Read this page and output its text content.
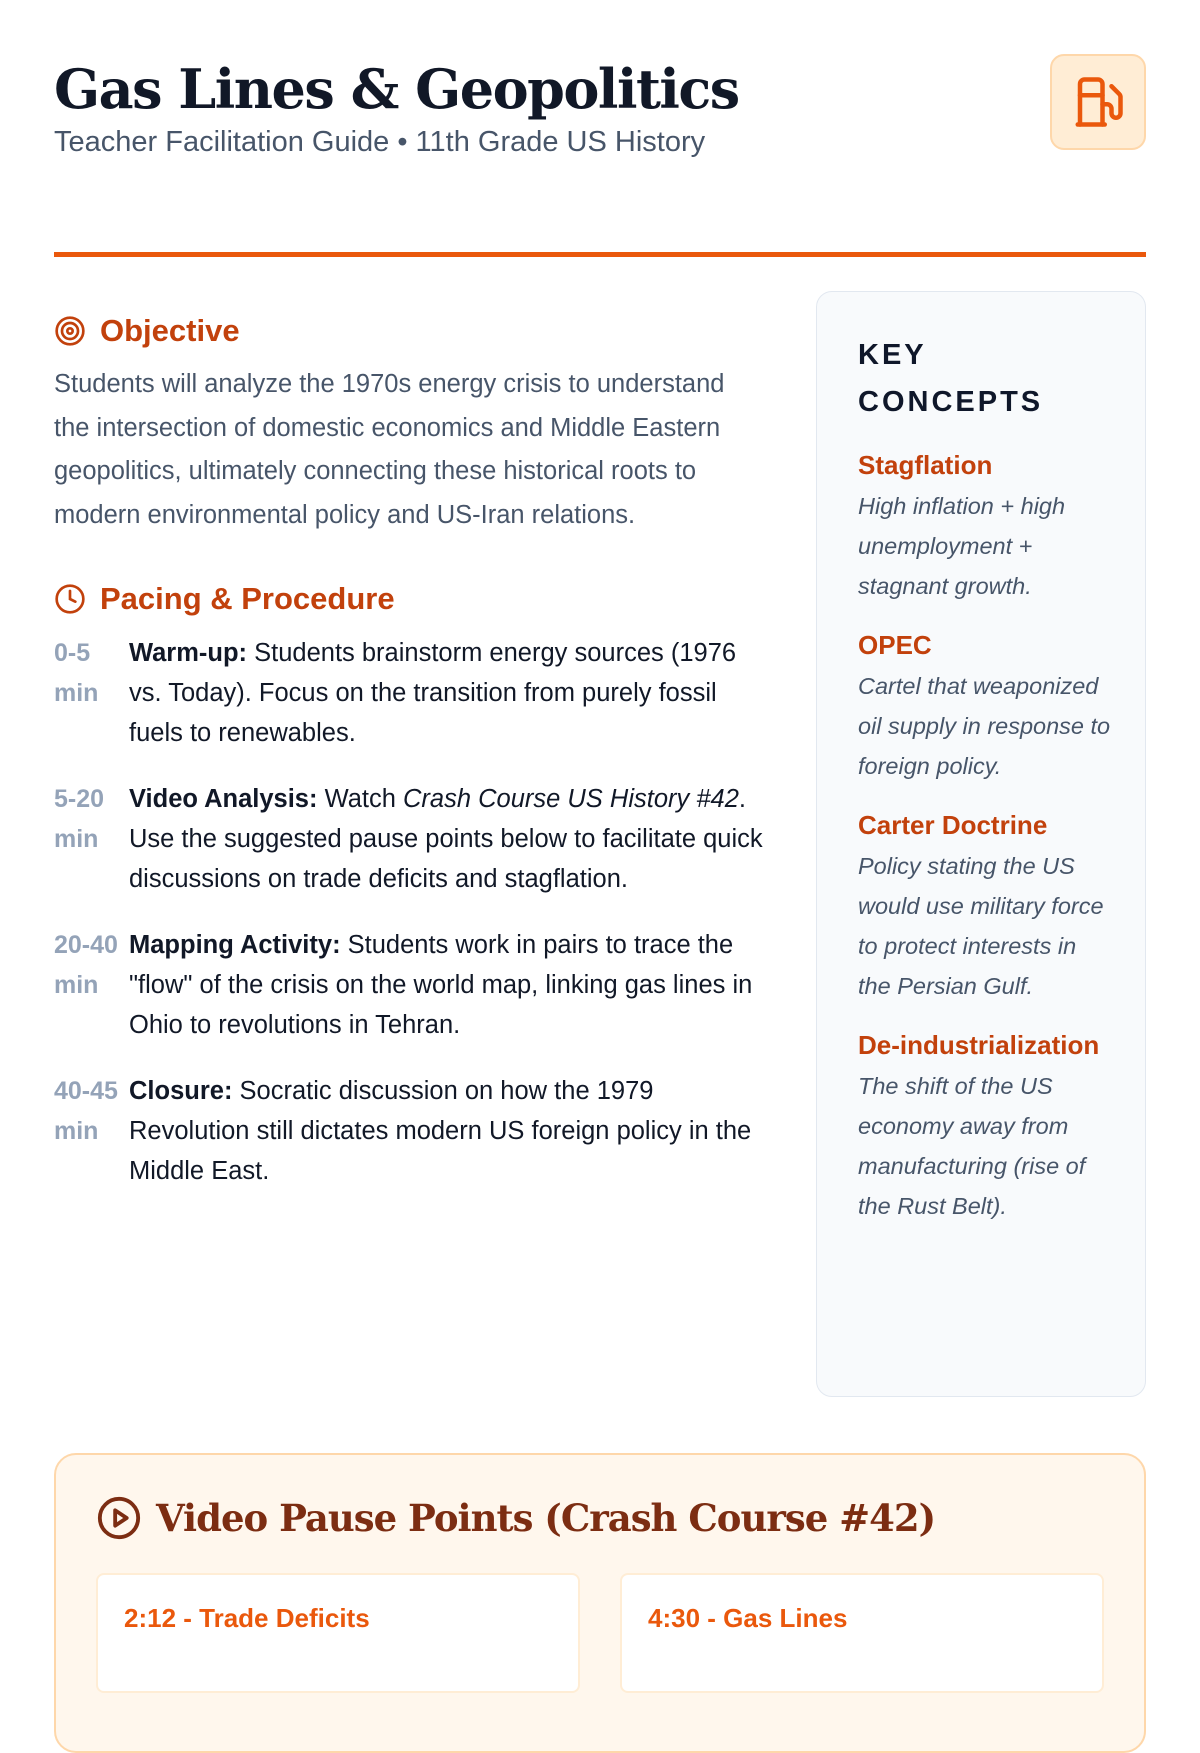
Gas Lines & Geopolitics
Teacher Facilitation Guide • 11th Grade US History
Objective

Students will analyze the 1970s energy crisis to understand the intersection of domestic economics and Middle Eastern geopolitics, ultimately connecting these historical roots to modern environmental policy and US-Iran relations.

Pacing & Procedure
0-5 min
Warm-up: Students brainstorm energy sources (1976 vs. Today). Focus on the transition from purely fossil fuels to renewables.
5-20 min
Video Analysis: Watch Crash Course US History #42. Use the suggested pause points below to facilitate quick discussions on trade deficits and stagflation.
20-40 min
Mapping Activity: Students work in pairs to trace the "flow" of the crisis on the world map, linking gas lines in Ohio to revolutions in Tehran.
40-45 min
Closure: Socratic discussion on how the 1979 Revolution still dictates modern US foreign policy in the Middle East.
KEY CONCEPTS
Stagflation
High inflation + high unemployment + stagnant growth.
OPEC
Cartel that weaponized oil supply in response to foreign policy.
Carter Doctrine
Policy stating the US would use military force to protect interests in the Persian Gulf.
De-industrialization
The shift of the US economy away from manufacturing (rise of the Rust Belt).
Video Pause Points (Crash Course #42)
2:12 - Trade Deficits	4:30 - Gas Lines
